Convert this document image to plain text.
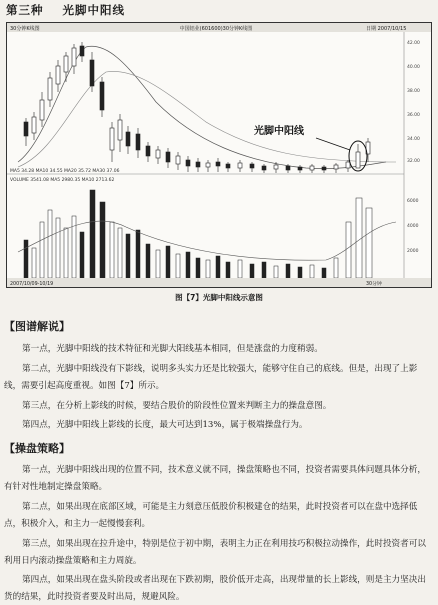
第三种 光脚中阳线
30分钟K线图	中国铝业(601600)30分钟K线图	日期 2007/10/15
42.00
40.00
38.00
36.00
34.00
32.00
6000
4000
2000
MA5 34.28 MA10 34.55 MA20 35.72 MA30 37.06
VOLUME 3541.08 MA5 2980.35 MA10 2713.62
光脚中阳线
2007/10/09-10/19	30分钟
图【7】光脚中阳线示意图
【图谱解说】

第一点，光脚中阳线的技术特征和光脚大阳线基本相同，但是涨盘的力度稍弱。

第二点，光脚中阳线没有下影线，说明多头实力还是比较强大，能够守住自己的底线。但是，出现了上影线，需要引起高度重视。如图【7】所示。

第三点，在分析上影线的时候，要结合股价的阶段性位置来判断主力的操盘意图。

第四点，光脚中阳线上影线的长度，最大可达到13%，属于极端操盘行为。

【操盘策略】

第一点，光脚中阳线出现的位置不同，技术意义就不同，操盘策略也不同，投资者需要具体问题具体分析，有针对性地制定操盘策略。

第二点，如果出现在底部区域，可能是主力刻意压低股价积极建仓的结果，此时投资者可以在盘中选择低点，积极介入，和主力一起慢慢套利。

第三点，如果出现在拉升途中，特别是位于初中期，表明主力正在利用技巧积极拉动操作，此时投资者可以利用日内滚动操盘策略和主力周旋。

第四点，如果出现在盘头阶段或者出现在下跌初期，股价低开走高，出现带量的长上影线，则是主力坚决出货的结果，此时投资者要及时出局，规避风险。
